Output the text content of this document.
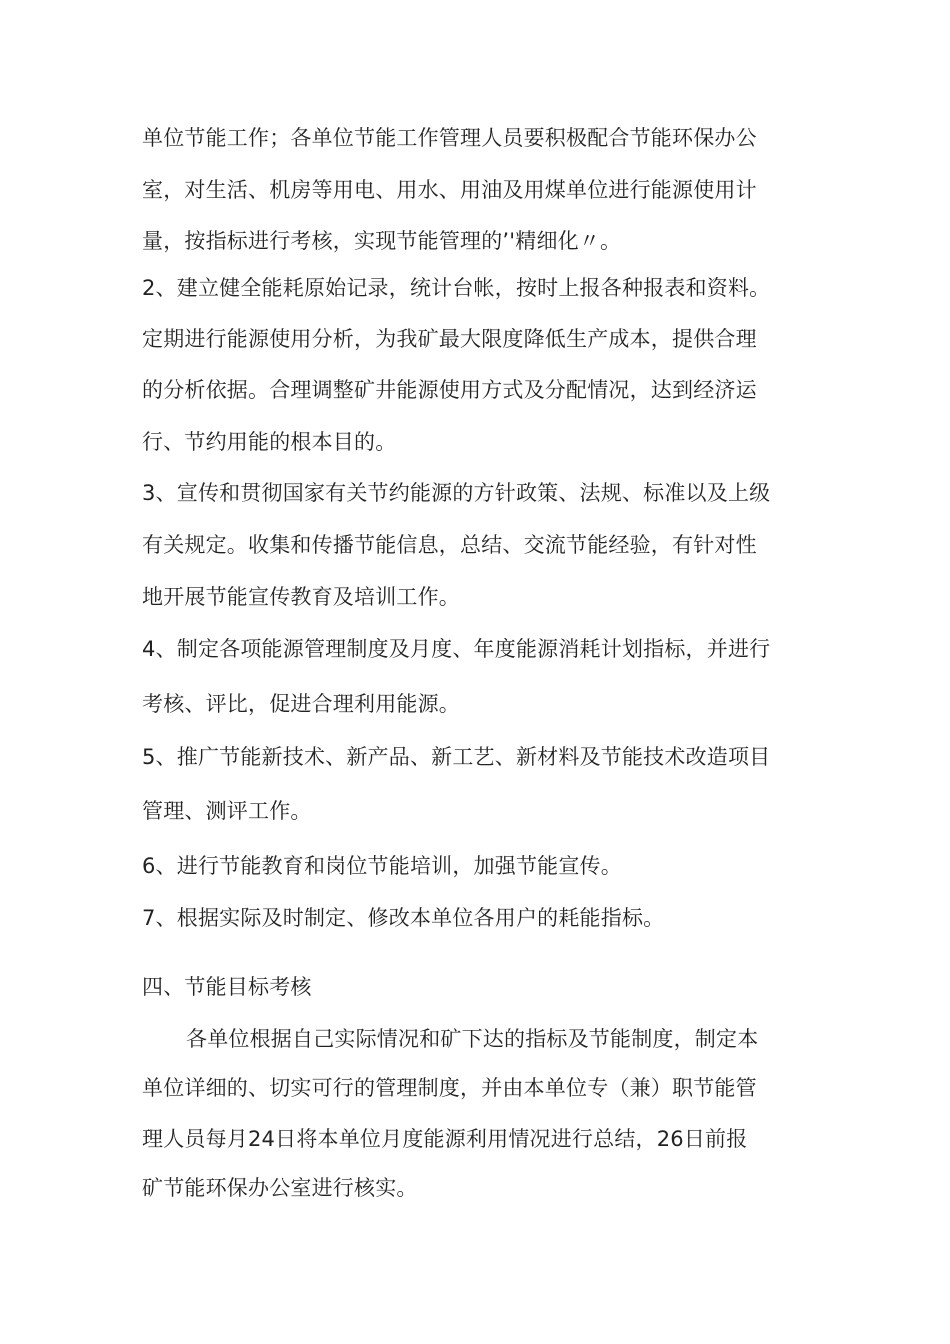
单位节能工作；各单位节能工作管理人员要积极配合节能环保办公
室，对生活、机房等用电、用水、用油及用煤单位进行能源使用计
量，按指标进行考核，实现节能管理的’'精细化〃。
2、建立健全能耗原始记录，统计台帐，按时上报各种报表和资料。
定期进行能源使用分析，为我矿最大限度降低生产成本，提供合理
的分析依据。合理调整矿井能源使用方式及分配情况，达到经济运
行、节约用能的根本目的。
3、宣传和贯彻国家有关节约能源的方针政策、法规、标准以及上级
有关规定。收集和传播节能信息，总结、交流节能经验，有针对性
地开展节能宣传教育及培训工作。
4、制定各项能源管理制度及月度、年度能源消耗计划指标，并进行
考核、评比，促进合理利用能源。
5、推广节能新技术、新产品、新工艺、新材料及节能技术改造项目
管理、测评工作。
6、进行节能教育和岗位节能培训，加强节能宣传。
7、根据实际及时制定、修改本单位各用户的耗能指标。
四、节能目标考核
各单位根据自己实际情况和矿下达的指标及节能制度，制定本
单位详细的、切实可行的管理制度，并由本单位专（兼）职节能管
理人员每月24日将本单位月度能源利用情况进行总结，26日前报
矿节能环保办公室进行核实。
